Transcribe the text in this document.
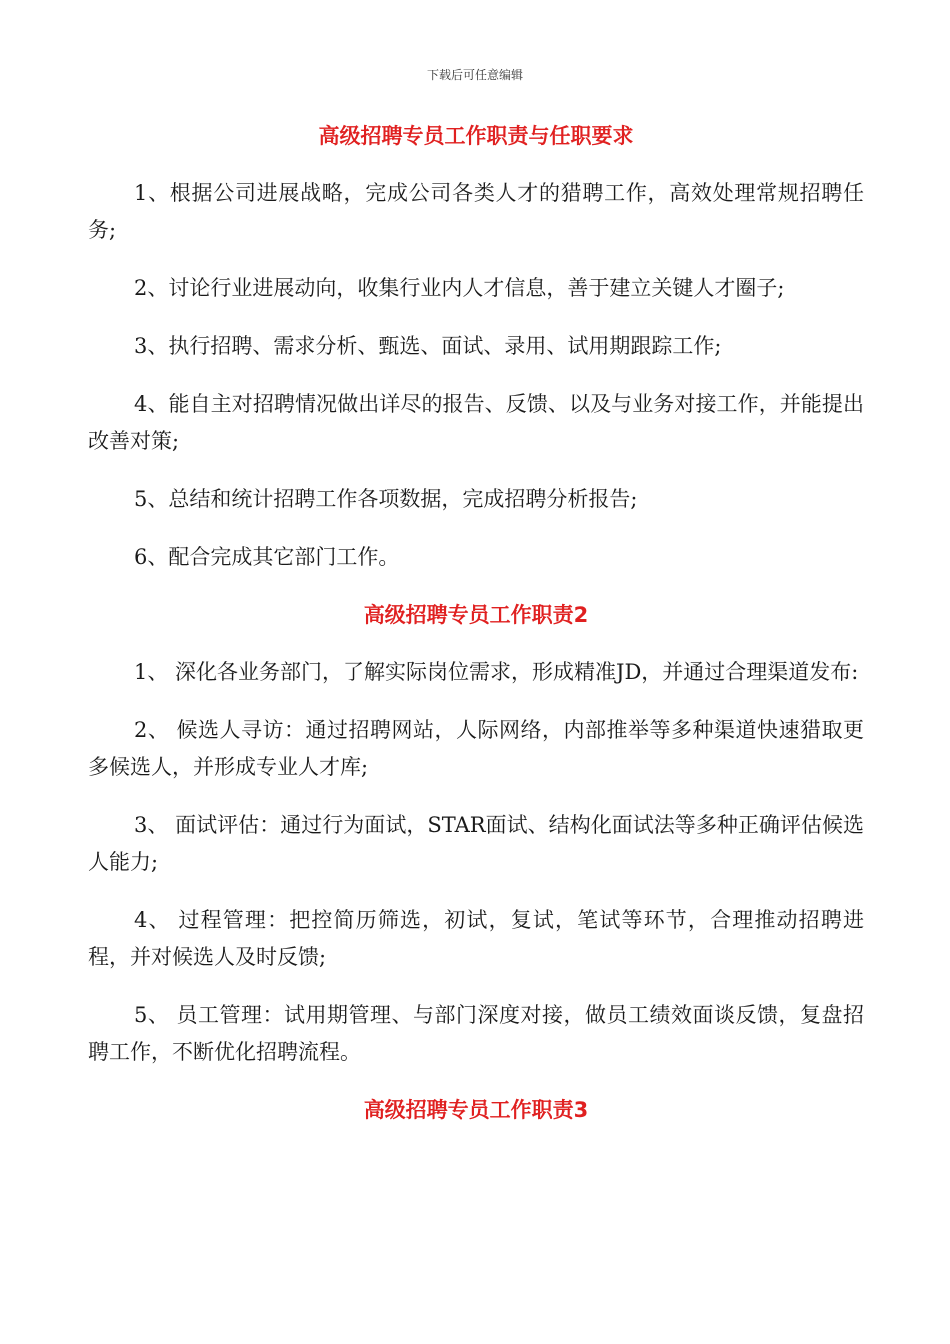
下载后可任意编辑
高级招聘专员工作职责与任职要求

1、根据公司进展战略，完成公司各类人才的猎聘工作，高效处理常规招聘任务;

2、讨论行业进展动向，收集行业内人才信息，善于建立关键人才圈子;

3、执行招聘、需求分析、甄选、面试、录用、试用期跟踪工作;

4、能自主对招聘情况做出详尽的报告、反馈、以及与业务对接工作，并能提出改善对策;

5、总结和统计招聘工作各项数据，完成招聘分析报告;

6、配合完成其它部门工作。

高级招聘专员工作职责2

1、 深化各业务部门，了解实际岗位需求，形成精准JD，并通过合理渠道发布:

2、 候选人寻访：通过招聘网站，人际网络，内部推举等多种渠道快速猎取更多候选人，并形成专业人才库;

3、 面试评估：通过行为面试，STAR面试、结构化面试法等多种正确评估候选人能力;

4、 过程管理：把控简历筛选，初试，复试，笔试等环节，合理推动招聘进程，并对候选人及时反馈;

5、 员工管理：试用期管理、与部门深度对接，做员工绩效面谈反馈，复盘招聘工作，不断优化招聘流程。

高级招聘专员工作职责3
